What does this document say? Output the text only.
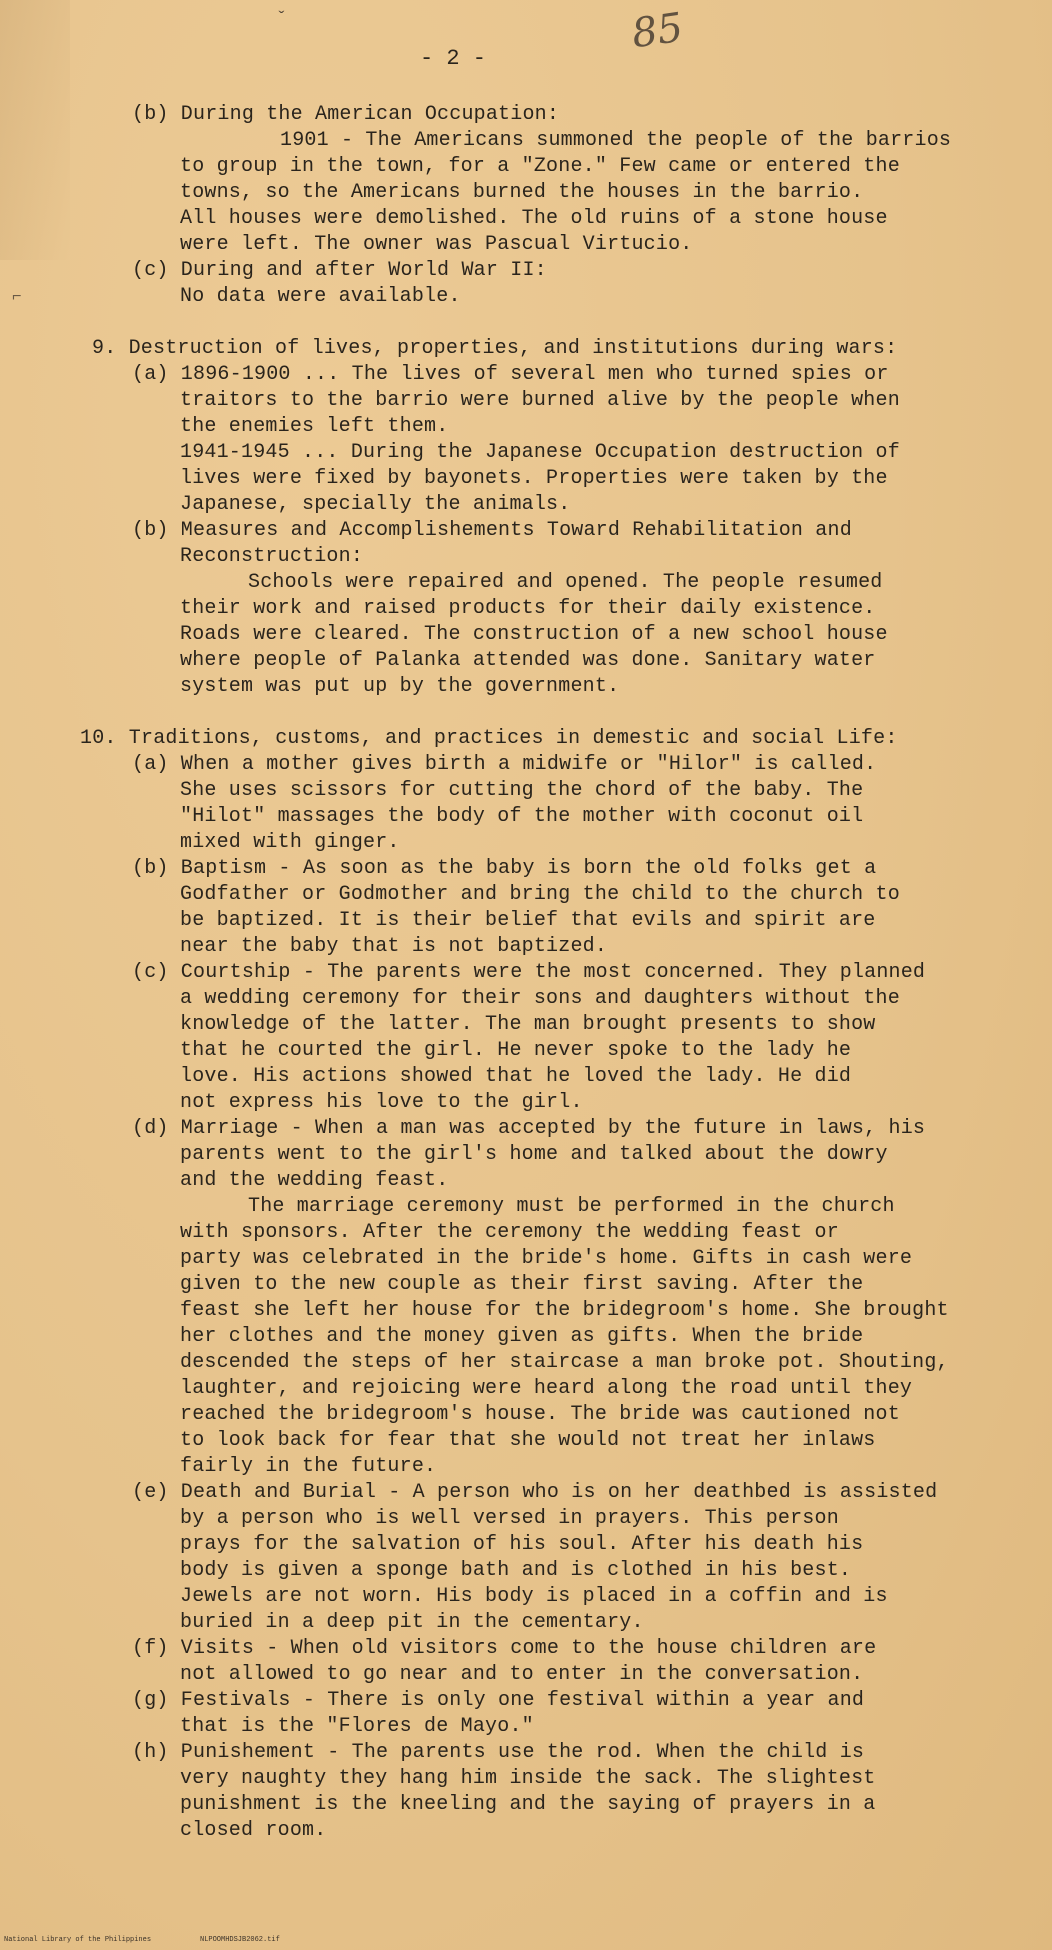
ˇ
- 2 -
85
⌐
(b) During the American Occupation:
1901 - The Americans summoned the people of the barrios
to group in the town, for a "Zone." Few came or entered the
towns, so the Americans burned the houses in the barrio.
All houses were demolished. The old ruins of a stone house
were left. The owner was Pascual Virtucio.
(c) During and after World War II:
No data were available.
9. Destruction of lives, properties, and institutions during wars:
(a) 1896-1900 ... The lives of several men who turned spies or
traitors to the barrio were burned alive by the people when
the enemies left them.
1941-1945 ... During the Japanese Occupation destruction of
lives were fixed by bayonets. Properties were taken by the
Japanese, specially the animals.
(b) Measures and Accomplishements Toward Rehabilitation and
Reconstruction:
Schools were repaired and opened. The people resumed
their work and raised products for their daily existence.
Roads were cleared. The construction of a new school house
where people of Palanka attended was done. Sanitary water
system was put up by the government.
10. Traditions, customs, and practices in demestic and social Life:
(a) When a mother gives birth a midwife or "Hilor" is called.
She uses scissors for cutting the chord of the baby. The
"Hilot" massages the body of the mother with coconut oil
mixed with ginger.
(b) Baptism - As soon as the baby is born the old folks get a
Godfather or Godmother and bring the child to the church to
be baptized. It is their belief that evils and spirit are
near the baby that is not baptized.
(c) Courtship - The parents were the most concerned. They planned
a wedding ceremony for their sons and daughters without the
knowledge of the latter. The man brought presents to show
that he courted the girl. He never spoke to the lady he
love. His actions showed that he loved the lady. He did
not express his love to the girl.
(d) Marriage - When a man was accepted by the future in laws, his
parents went to the girl's home and talked about the dowry
and the wedding feast.
The marriage ceremony must be performed in the church
with sponsors. After the ceremony the wedding feast or
party was celebrated in the bride's home. Gifts in cash were
given to the new couple as their first saving. After the
feast she left her house for the bridegroom's home. She brought
her clothes and the money given as gifts. When the bride
descended the steps of her staircase a man broke pot. Shouting,
laughter, and rejoicing were heard along the road until they
reached the bridegroom's house. The bride was cautioned not
to look back for fear that she would not treat her inlaws
fairly in the future.
(e) Death and Burial - A person who is on her deathbed is assisted
by a person who is well versed in prayers. This person
prays for the salvation of his soul. After his death his
body is given a sponge bath and is clothed in his best.
Jewels are not worn. His body is placed in a coffin and is
buried in a deep pit in the cementary.
(f) Visits - When old visitors come to the house children are
not allowed to go near and to enter in the conversation.
(g) Festivals - There is only one festival within a year and
that is the "Flores de Mayo."
(h) Punishement - The parents use the rod. When the child is
very naughty they hang him inside the sack. The slightest
punishment is the kneeling and the saying of prayers in a
closed room.
National Library of the Philippines	NLPOOMHDSJB2062.tif
